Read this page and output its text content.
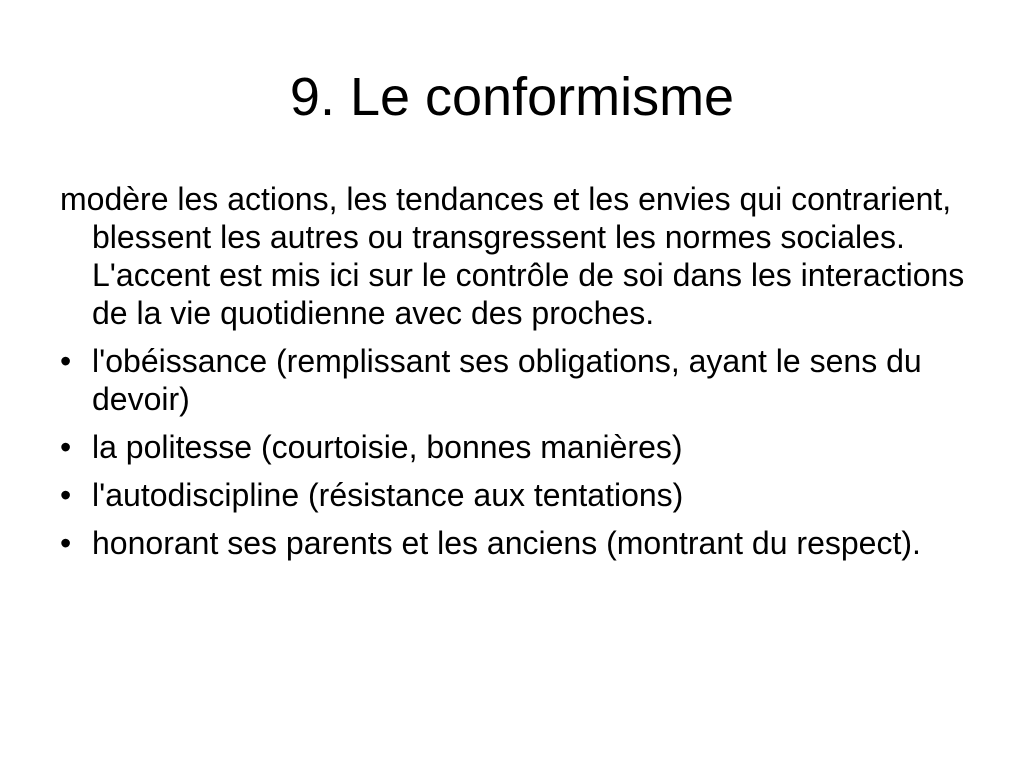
9. Le conformisme

modère les actions, les tendances et les envies qui contrarient, blessent les autres ou transgressent les normes sociales. L'accent est mis ici sur le contrôle de soi dans les interactions de la vie quotidienne avec des proches.

• l'obéissance (remplissant ses obligations, ayant le sens du devoir)
• la politesse (courtoisie, bonnes manières)
• l'autodiscipline (résistance aux tentations)
• honorant ses parents et les anciens (montrant du respect).
